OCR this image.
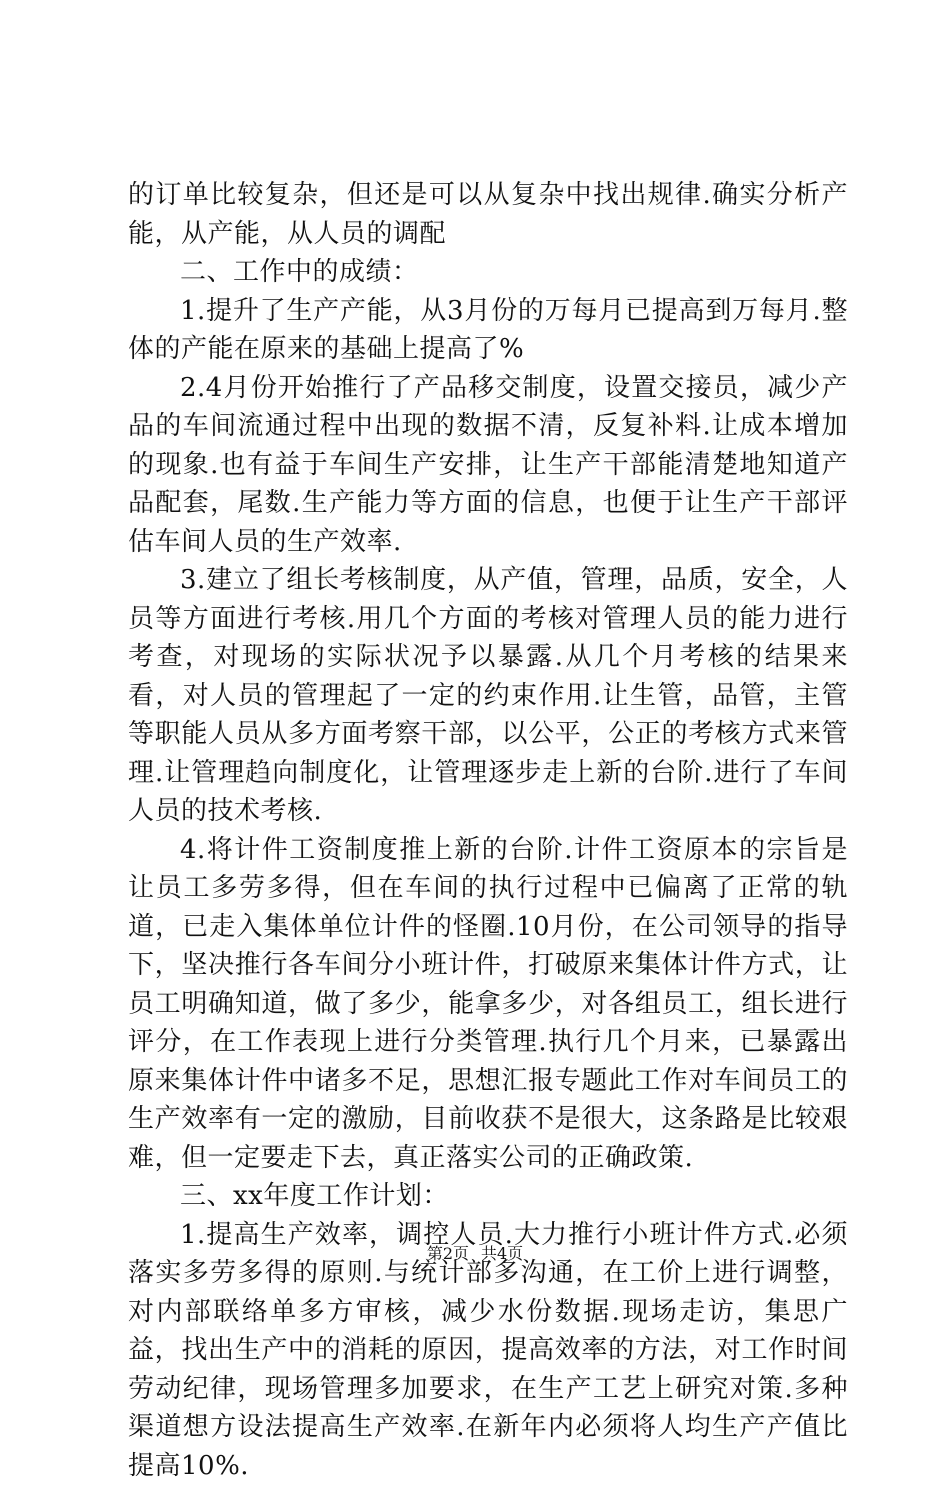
的订单比较复杂，但还是可以从复杂中找出规律.确实分析产能，从产能，从人员的调配

二、工作中的成绩：

1.提升了生产产能，从3月份的万每月已提高到万每月.整体的产能在原来的基础上提高了%

2.4月份开始推行了产品移交制度，设置交接员，减少产品的车间流通过程中出现的数据不清，反复补料.让成本增加的现象.也有益于车间生产安排，让生产干部能清楚地知道产品配套，尾数.生产能力等方面的信息，也便于让生产干部评估车间人员的生产效率.

3.建立了组长考核制度，从产值，管理，品质，安全，人员等方面进行考核.用几个方面的考核对管理人员的能力进行考查，对现场的实际状况予以暴露.从几个月考核的结果来看，对人员的管理起了一定的约束作用.让生管，品管，主管等职能人员从多方面考察干部，以公平，公正的考核方式来管理.让管理趋向制度化，让管理逐步走上新的台阶.进行了车间人员的技术考核.

4.将计件工资制度推上新的台阶.计件工资原本的宗旨是让员工多劳多得，但在车间的执行过程中已偏离了正常的轨道，已走入集体单位计件的怪圈.10月份，在公司领导的指导下，坚决推行各车间分小班计件，打破原来集体计件方式，让员工明确知道，做了多少，能拿多少，对各组员工，组长进行评分，在工作表现上进行分类管理.执行几个月来，已暴露出原来集体计件中诸多不足，思想汇报专题此工作对车间员工的生产效率有一定的激励，目前收获不是很大，这条路是比较艰难，但一定要走下去，真正落实公司的正确政策.

三、xx年度工作计划：

1.提高生产效率，调控人员.大力推行小班计件方式.必须落实多劳多得的原则.与统计部多沟通，在工价上进行调整，对内部联络单多方审核，减少水份数据.现场走访，集思广益，找出生产中的消耗的原因，提高效率的方法，对工作时间劳动纪律，现场管理多加要求，在生产工艺上研究对策.多种渠道想方设法提高生产效率.在新年内必须将人均生产产值比提高10%.

第2页 共4页
